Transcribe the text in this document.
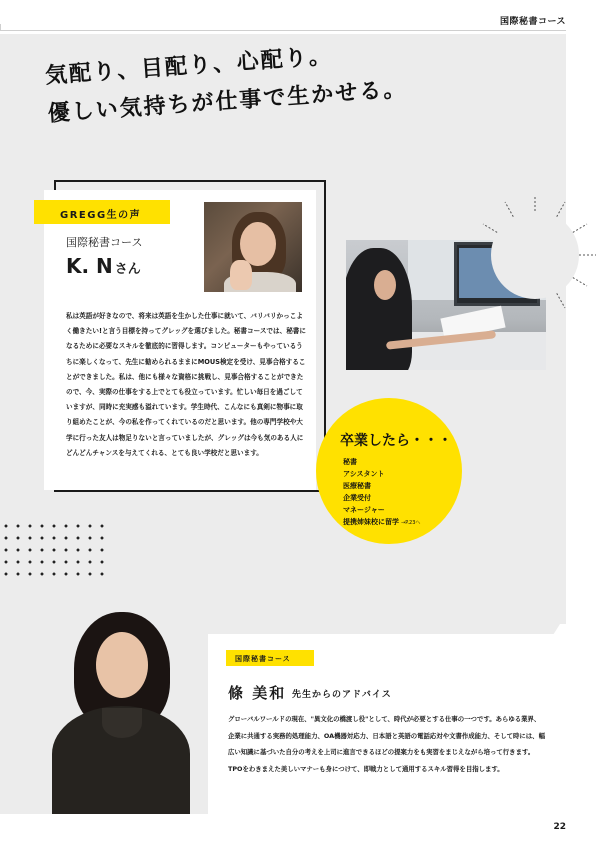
国際秘書コース
気配り、目配り、心配り。
優しい気持ちが仕事で生かせる。
GREGG生の声
国際秘書コース
K. N さん
私は英語が好きなので、将来は英語を生かした仕事に就いて、バリバリかっこよく働きたい!と言う目標を持ってグレッグを選びました。秘書コースでは、秘書になるために必要なスキルを徹底的に習得します。コンピューターもやっているうちに楽しくなって、先生に勧められるままにMOUS検定を受け、見事合格することができました。私は、他にも様々な資格に挑戦し、見事合格することができたので、今、実際の仕事をする上でとても役立っています。忙しい毎日を過ごしていますが、同時に充実感も溢れています。学生時代、こんなにも真剣に物事に取り組めたことが、今の私を作ってくれているのだと思います。他の専門学校や大学に行った友人は物足りないと言っていましたが、グレッグは今も気のある人にどんどんチャンスを与えてくれる、とても良い学校だと思います。
卒業したら・・・
秘書
アシスタント
医療秘書
企業受付
マネージャー
提携姉妹校に留学 →P.23へ
国際秘書コース
條 美和 先生からのアドバイス
グローバルワールドの現在、"異文化の橋渡し役"として、時代が必要とする仕事の一つです。あらゆる業界、企業に共通する実務的処理能力、OA機器対応力、日本語と英語の電話応対や文書作成能力、そして時には、幅広い知識に基づいた自分の考えを上司に進言できるほどの提案力をも実習をまじえながら培って行きます。TPOをわきまえた美しいマナーも身につけて、即戦力として通用するスキル習得を目指します。
22
